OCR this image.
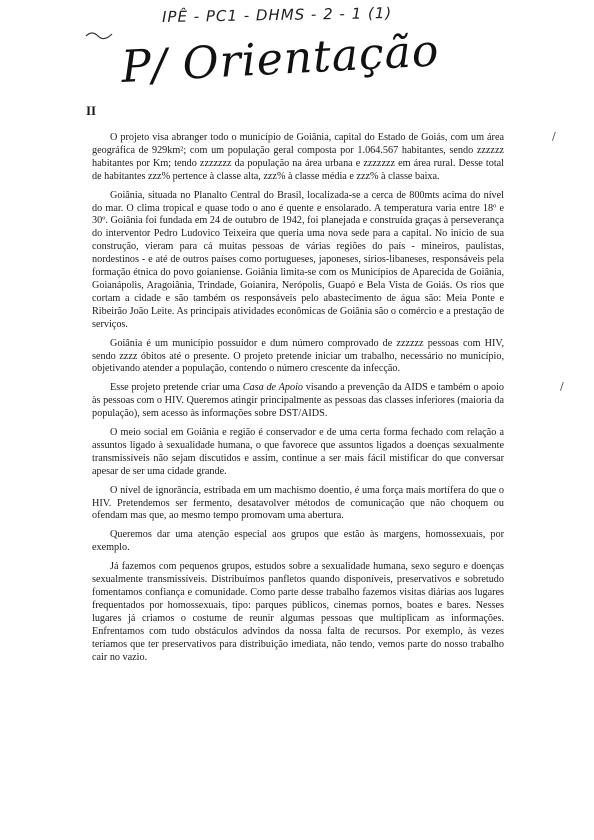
IPÊ - PC1 - DHMS - 2 - 1 (1)
P/ Orientação
II
/
/

O projeto visa abranger todo o município de Goiânia, capital do Estado de Goiás, com um área geográfica de 929km²; com um população geral composta por 1.064.567 habitantes, sendo zzzzzz habitantes por Km; tendo zzzzzzz da população na área urbana e zzzzzzz em área rural. Desse total de habitantes zzz% pertence à classe alta, zzz% à classe média e zzz% à classe baixa.

Goiânia, situada no Planalto Central do Brasil, localizada-se a cerca de 800mts acima do nível do mar. O clima tropical e quase todo o ano é quente e ensolarado. A temperatura varia entre 18º e 30º. Goiânia foi fundada em 24 de outubro de 1942, foi planejada e construída graças à perseverança do interventor Pedro Ludovico Teixeira que queria uma nova sede para a capital. No início de sua construção, vieram para cá muitas pessoas de várias regiões do país - mineiros, paulistas, nordestinos - e até de outros países como portugueses, japoneses, sírios-libaneses, responsáveis pela formação étnica do povo goianiense. Goiânia limita-se com os Municípios de Aparecida de Goiânia, Goianápolis, Aragoiânia, Trindade, Goianira, Nerópolis, Guapó e Bela Vista de Goiás. Os rios que cortam a cidade e são também os responsáveis pelo abastecimento de água são: Meia Ponte e Ribeirão João Leite. As principais atividades econômicas de Goiânia são o comércio e a prestação de serviços.

Goiânia é um município possuidor e dum número comprovado de zzzzzz pessoas com HIV, sendo zzzz óbitos até o presente. O projeto pretende iniciar um trabalho, necessário no município, objetivando atender a população, contendo o número crescente da infecção.

Esse projeto pretende criar uma Casa de Apoio visando a prevenção da AIDS e também o apoio às pessoas com o HIV. Queremos atingir principalmente as pessoas das classes inferiores (maioria da população), sem acesso às informações sobre DST/AIDS.

O meio social em Goiânia e região é conservador e de uma certa forma fechado com relação a assuntos ligado à sexualidade humana, o que favorece que assuntos ligados a doenças sexualmente transmissíveis não sejam discutidos e assim, continue a ser mais fácil mistificar do que conversar apesar de ser uma cidade grande.

O nível de ignorância, estribada em um machismo doentio, é uma força mais mortífera do que o HIV. Pretendemos ser fermento, desatavolver métodos de comunicação que não choquem ou ofendam mas que, ao mesmo tempo promovam uma abertura.

Queremos dar uma atenção especial aos grupos que estão às margens, homossexuais, por exemplo.

Já fazemos com pequenos grupos, estudos sobre a sexualidade humana, sexo seguro e doenças sexualmente transmissíveis. Distribuímos panfletos quando disponíveis, preservativos e sobretudo fomentamos confiança e comunidade. Como parte desse trabalho fazemos visitas diárias aos lugares frequentados por homossexuais, tipo: parques públicos, cinemas pornos, boates e bares. Nesses lugares já criamos o costume de reunir algumas pessoas que multiplicam as informações. Enfrentamos com tudo obstáculos advindos da nossa falta de recursos. Por exemplo, às vezes teríamos que ter preservativos para distribuição imediata, não tendo, vemos parte do nosso trabalho cair no vazio.
